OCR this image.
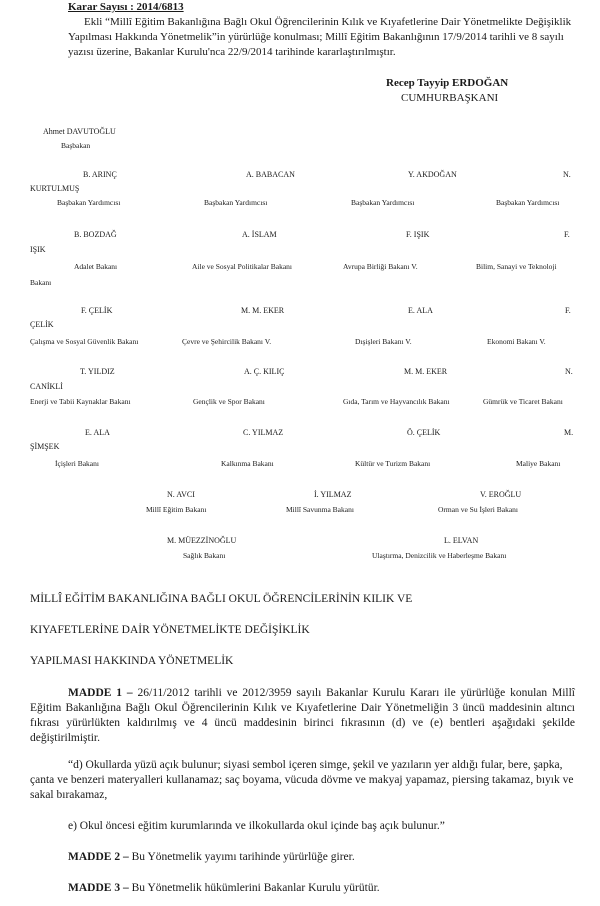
Karar Sayısı : 2014/6813
Ekli “Millî Eğitim Bakanlığına Bağlı Okul Öğrencilerinin Kılık ve Kıyafetlerine Dair Yönetmelikte Değişiklik
Yapılması Hakkında Yönetmelik”in yürürlüğe konulması; Millî Eğitim Bakanlığının 17/9/2014 tarihli ve 8 sayılı
yazısı üzerine, Bakanlar Kurulu'nca 22/9/2014 tarihinde kararlaştırılmıştır.
Recep Tayyip ERDOĞAN
CUMHURBAŞKANI
Ahmet DAVUTOĞLU
Başbakan
B. ARINÇ	A. BABACAN	Y. AKDOĞAN	N.
KURTULMUŞ
Başbakan Yardımcısı	Başbakan Yardımcısı	Başbakan Yardımcısı	Başbakan Yardımcısı
B. BOZDAĞ	A. İSLAM	F. IŞIK	F.
IŞIK
Adalet Bakanı	Aile ve Sosyal Politikalar Bakanı	Avrupa Birliği Bakanı V.	Bilim, Sanayi ve Teknoloji
Bakanı
F. ÇELİK	M. M. EKER	E. ALA	F.
ÇELİK
Çalışma ve Sosyal Güvenlik Bakanı	Çevre ve Şehircilik Bakanı V.	Dışişleri Bakanı V.	Ekonomi Bakanı V.
T. YILDIZ	A. Ç. KILIÇ	M. M. EKER	N.
CANİKLİ
Enerji ve Tabii Kaynaklar Bakanı	Gençlik ve Spor Bakanı	Gıda, Tarım ve Hayvancılık Bakanı	Gümrük ve Ticaret Bakanı
E. ALA	C. YILMAZ	Ö. ÇELİK	M.
ŞİMŞEK
İçişleri Bakanı	Kalkınma Bakanı	Kültür ve Turizm Bakanı	Maliye Bakanı
N. AVCI	İ. YILMAZ	V. EROĞLU
Millî Eğitim Bakanı	Millî Savunma Bakanı	Orman ve Su İşleri Bakanı
M. MÜEZZİNOĞLU	L. ELVAN
Sağlık Bakanı	Ulaştırma, Denizcilik ve Haberleşme Bakanı
MİLLÎ EĞİTİM BAKANLIĞINA BAĞLI OKUL ÖĞRENCİLERİNİN KILIK VE
KIYAFETLERİNE DAİR YÖNETMELİKTE DEĞİŞİKLİK
YAPILMASI HAKKINDA YÖNETMELİK
MADDE 1 – 26/11/2012 tarihli ve 2012/3959 sayılı Bakanlar Kurulu Kararı ile yürürlüğe konulan Millî Eğitim Bakanlığına Bağlı Okul Öğrencilerinin Kılık ve Kıyafetlerine Dair Yönetmeliğin 3 üncü maddesinin altıncı fıkrası yürürlükten kaldırılmış ve 4 üncü maddesinin birinci fıkrasının (d) ve (e) bentleri aşağıdaki şekilde değiştirilmiştir.
“d) Okullarda yüzü açık bulunur; siyasi sembol içeren simge, şekil ve yazıların yer aldığı fular, bere, şapka, çanta ve benzeri materyalleri kullanamaz; saç boyama, vücuda dövme ve makyaj yapamaz, piersing takamaz, bıyık ve sakal bırakamaz,
e) Okul öncesi eğitim kurumlarında ve ilkokullarda okul içinde baş açık bulunur.”
MADDE 2 – Bu Yönetmelik yayımı tarihinde yürürlüğe girer.
MADDE 3 – Bu Yönetmelik hükümlerini Bakanlar Kurulu yürütür.
